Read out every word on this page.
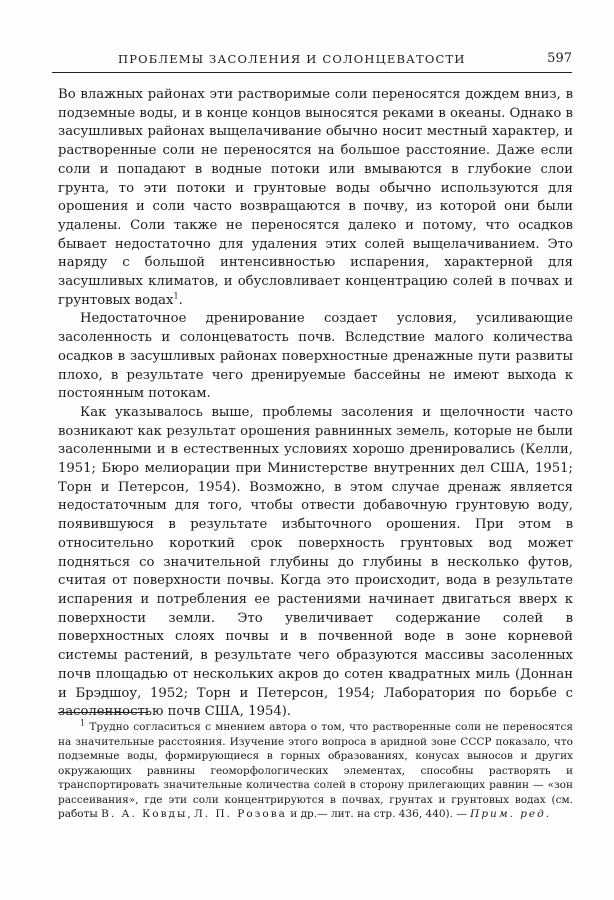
ПРОБЛЕМЫ ЗАСОЛЕНИЯ И СОЛОНЦЕВАТОСТИ	597

Во влажных районах эти растворимые соли переносятся дождем вниз, в подземные воды, и в конце концов выносятся реками в океаны. Однако в засушливых районах выщелачивание обычно носит местный характер, и растворенные соли не переносятся на большое расстояние. Даже если соли и попадают в водные потоки или вмываются в глубокие слои грунта, то эти потоки и грунтовые воды обычно используются для орошения и соли часто возвращаются в почву, из которой они были удалены. Соли также не переносятся далеко и потому, что осадков бывает недостаточно для удаления этих солей выщелачиванием. Это наряду с большой интенсивностью испарения, характерной для засушливых климатов, и обусловливает концентрацию солей в почвах и грунтовых водах$^1$.

Недостаточное дренирование создает условия, усиливающие засоленность и солонцеватость почв. Вследствие малого количества осадков в засушливых районах поверхностные дренажные пути развиты плохо, в результате чего дренируемые бассейны не имеют выхода к постоянным потокам.

Как указывалось выше, проблемы засоления и щелочности часто возникают как результат орошения равнинных земель, которые не были засоленными и в естественных условиях хорошо дренировались (Келли, 1951; Бюро мелиорации при Министерстве внутренних дел США, 1951; Торн и Петерсон, 1954). Возможно, в этом случае дренаж является недостаточным для того, чтобы отвести добавочную грунтовую воду, появившуюся в результате избыточного орошения. При этом в относительно короткий срок поверхность грунтовых вод может подняться со значительной глубины до глубины в несколько футов, считая от поверхности почвы. Когда это происходит, вода в результате испарения и потребления ее растениями начинает двигаться вверх к поверхности земли. Это увеличивает содержание солей в поверхностных слоях почвы и в почвенной воде в зоне корневой системы растений, в результате чего образуются массивы засоленных почв площадью от нескольких акров до сотен квадратных миль (Доннан и Брэдшоу, 1952; Торн и Петерсон, 1954; Лаборатория по борьбе с засоленностью почв США, 1954).

$^1$ Трудно согласиться с мнением автора о том, что растворенные соли не переносятся на значительные расстояния. Изучение этого вопроса в аридной зоне СССР показало, что подземные воды, формирующиеся в горных образованиях, конусах выносов и других окружающих равнины геоморфологических элементах, способны растворять и транспортировать значительные количества солей в сторону прилегающих равнин — «зон рассеивания», где эти соли концентрируются в почвах, грунтах и грунтовых водах (см. работы В. А. Ковды, Л. П. Розова и др.— лит. на стр. 436, 440). — Прим. ред.
